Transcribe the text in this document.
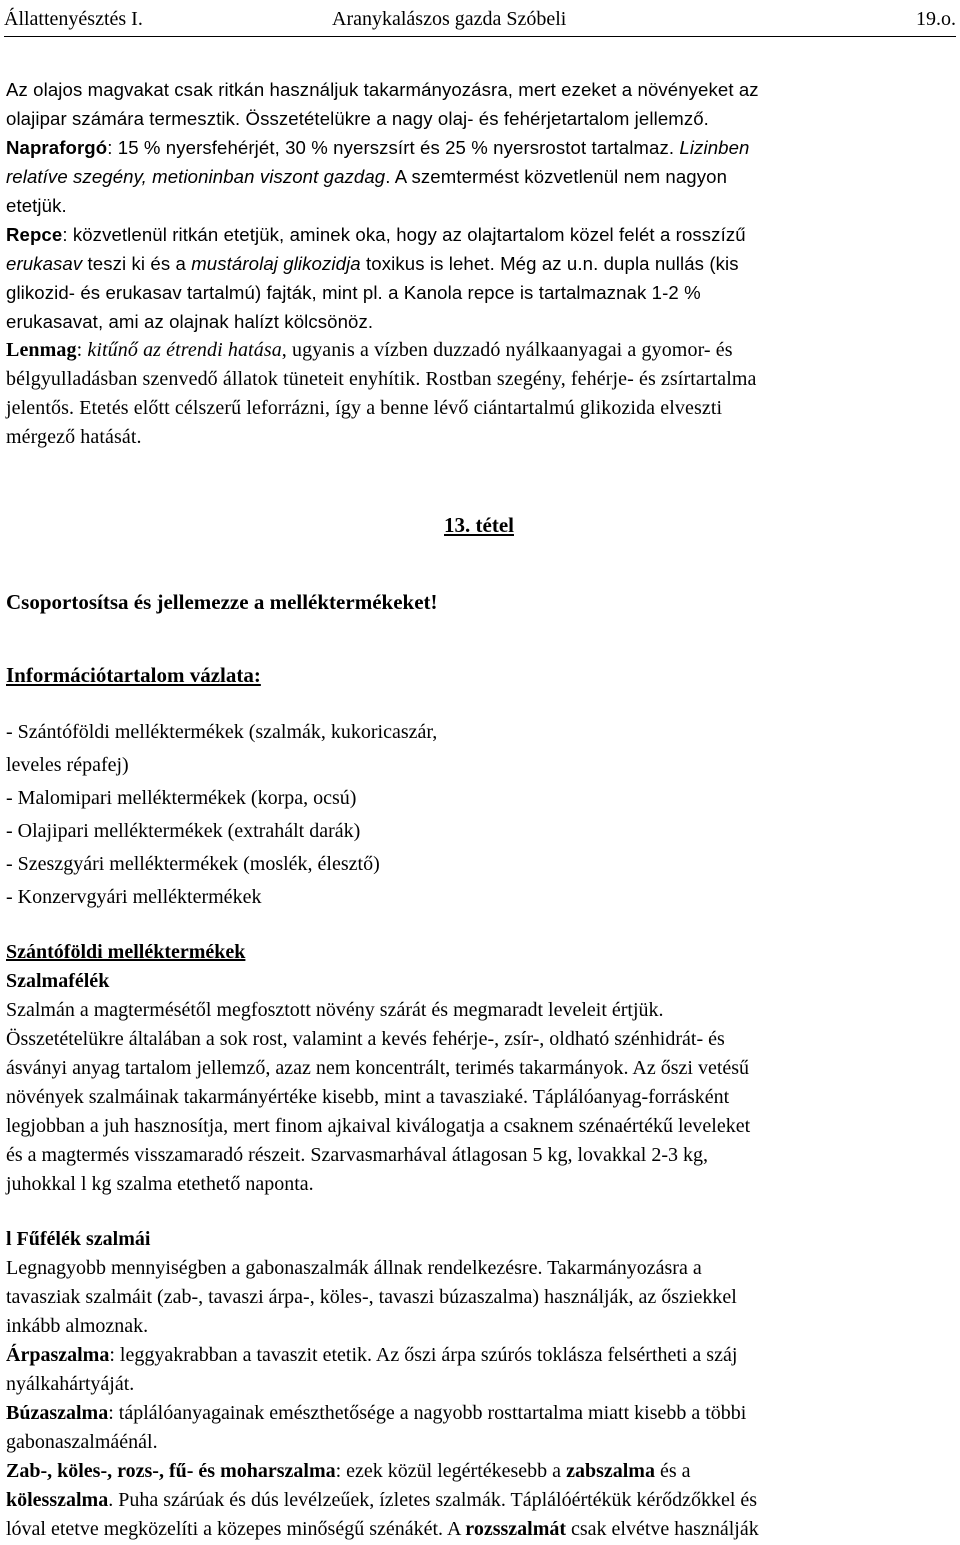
Állattenyésztés I.	Aranykalászos gazda Szóbeli	19.o.
Az olajos magvakat csak ritkán használjuk takarmányozásra, mert ezeket a növényeket az
olajipar számára termesztik. Összetételükre a nagy olaj- és fehérjetartalom jellemző.
Napraforgó: 15 % nyersfehérjét, 30 % nyerszsírt és 25 % nyersrostot tartalmaz. Lizinben
relatíve szegény, metioninban viszont gazdag. A szemtermést közvetlenül nem nagyon
etetjük.
Repce: közvetlenül ritkán etetjük, aminek oka, hogy az olajtartalom közel felét a rosszízű
erukasav teszi ki és a mustárolaj glikozidja toxikus is lehet. Még az u.n. dupla nullás (kis
glikozid- és erukasav tartalmú) fajták, mint pl. a Kanola repce is tartalmaznak 1-2 %
erukasavat, ami az olajnak halízt kölcsönöz.
Lenmag: kitűnő az étrendi hatása, ugyanis a vízben duzzadó nyálkaanyagai a gyomor- és
bélgyulladásban szenvedő állatok tüneteit enyhítik. Rostban szegény, fehérje- és zsírtartalma
jelentős. Etetés előtt célszerű leforrázni, így a benne lévő ciántartalmú glikozida elveszti
mérgező hatását.
13. tétel
Csoportosítsa és jellemezze a melléktermékeket!
Információtartalom vázlata:
- Szántóföldi melléktermékek (szalmák, kukoricaszár,
leveles répafej)
- Malomipari melléktermékek (korpa, ocsú)
- Olajipari melléktermékek (extrahált darák)
- Szeszgyári melléktermékek (moslék, élesztő)
- Konzervgyári melléktermékek
Szántóföldi melléktermékek
Szalmafélék
Szalmán a magtermésétől megfosztott növény szárát és megmaradt leveleit értjük.
Összetételükre általában a sok rost, valamint a kevés fehérje-, zsír-, oldható szénhidrát- és
ásványi anyag tartalom jellemző, azaz nem koncentrált, terimés takarmányok. Az őszi vetésű
növények szalmáinak takarmányértéke kisebb, mint a tavasziaké. Táplálóanyag-forrásként
legjobban a juh hasznosítja, mert finom ajkaival kiválogatja a csaknem szénaértékű leveleket
és a magtermés visszamaradó részeit. Szarvasmarhával átlagosan 5 kg, lovakkal 2-3 kg,
juhokkal l kg szalma etethető naponta.
l Fűfélék szalmái
Legnagyobb mennyiségben a gabonaszalmák állnak rendelkezésre. Takarmányozásra a
tavasziak szalmáit (zab-, tavaszi árpa-, köles-, tavaszi búzaszalma) használják, az ősziekkel
inkább almoznak.
Árpaszalma: leggyakrabban a tavaszit etetik. Az őszi árpa szúrós toklásza felsértheti a száj
nyálkahártyáját.
Búzaszalma: táplálóanyagainak emészthetősége a nagyobb rosttartalma miatt kisebb a többi
gabonaszalmáénál.
Zab-, köles-, rozs-, fű- és moharszalma: ezek közül legértékesebb a zabszalma és a
kölesszalma. Puha szárúak és dús levélzeűek, ízletes szalmák. Táplálóértékük kérődzőkkel és
lóval etetve megközelíti a közepes minőségű szénákét. A rozsszalmát csak elvétve használják
